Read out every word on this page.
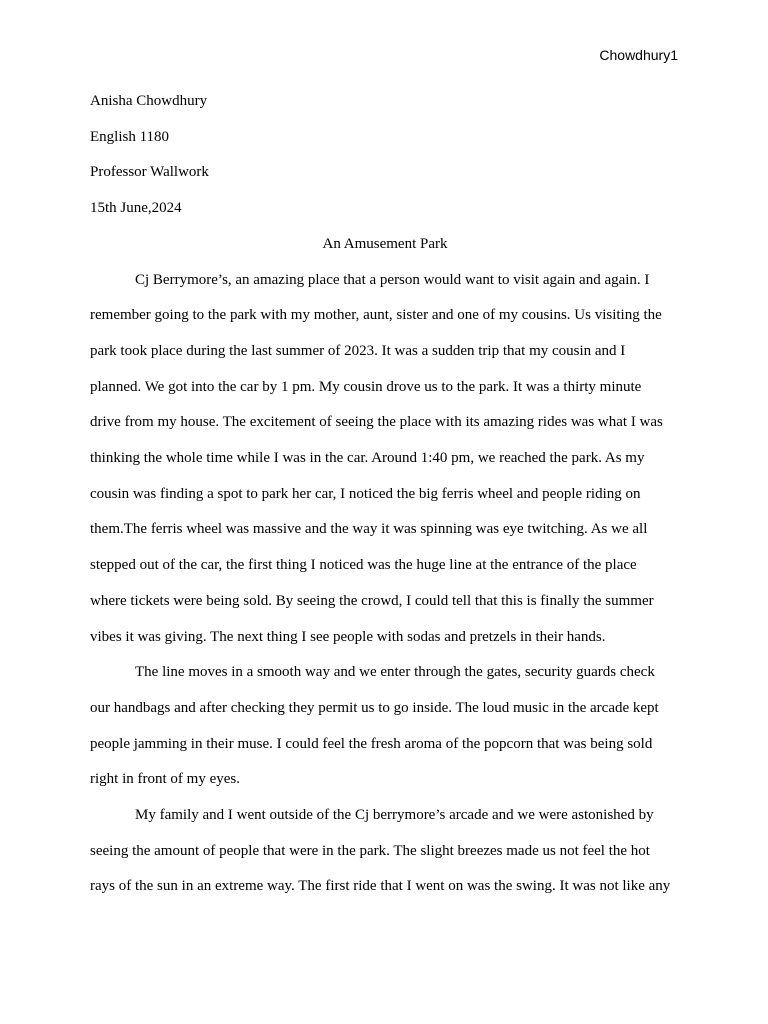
Chowdhury1
Anisha Chowdhury
English 1180
Professor Wallwork
15th June,2024
An Amusement Park
Cj Berrymore’s, an amazing place that a person would want to visit again and again. I
remember going to the park with my mother, aunt, sister and one of my cousins. Us visiting the
park took place during the last summer of 2023. It was a sudden trip that my cousin and I
planned. We got into the car by 1 pm. My cousin drove us to the park. It was a thirty minute
drive from my house. The excitement of seeing the place with its amazing rides was what I was
thinking the whole time while I was in the car. Around 1:40 pm, we reached the park. As my
cousin was finding a spot to park her car, I noticed the big ferris wheel and people riding on
them.The ferris wheel was massive and the way it was spinning was eye twitching. As we all
stepped out of the car, the first thing I noticed was the huge line at the entrance of the place
where tickets were being sold. By seeing the crowd, I could tell that this is finally the summer
vibes it was giving. The next thing I see people with sodas and pretzels in their hands.
The line moves in a smooth way and we enter through the gates, security guards check
our handbags and after checking they permit us to go inside. The loud music in the arcade kept
people jamming in their muse. I could feel the fresh aroma of the popcorn that was being sold
right in front of my eyes.
My family and I went outside of the Cj berrymore’s arcade and we were astonished by
seeing the amount of people that were in the park. The slight breezes made us not feel the hot
rays of the sun in an extreme way. The first ride that I went on was the swing. It was not like any
